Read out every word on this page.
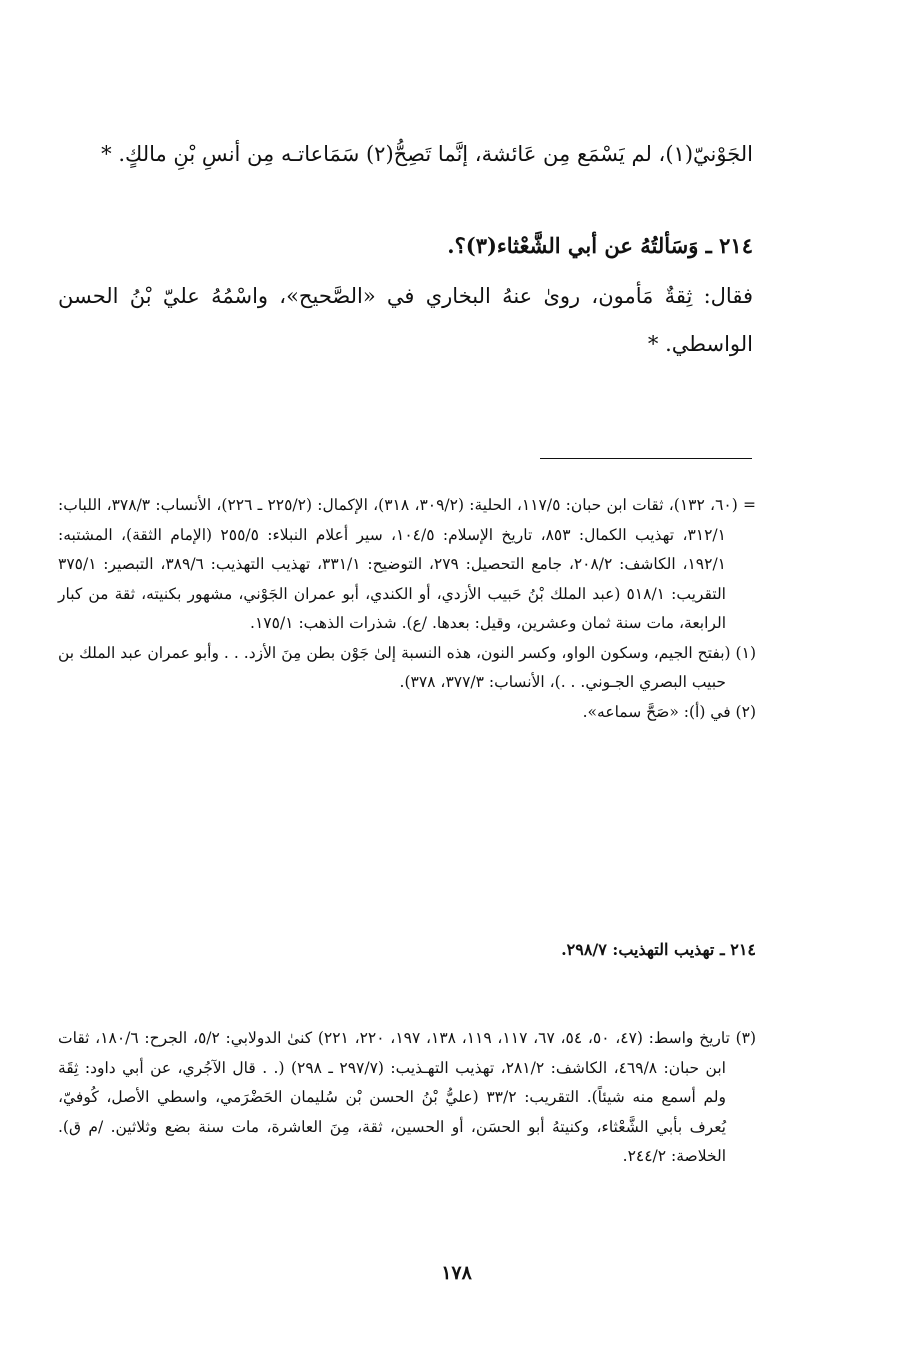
الجَوْنيّ(١)، لم يَسْمَع مِن عَائشة، إنَّما تَصِحُّ(٢) سَمَاعاتـه مِن أنسِ بْنِ مالكٍ. *

٢١٤ ـ وَسَألتُهُ عن أبي الشَّعْثاء(٣)؟.

فقال: ثِقةٌ مَأمون، روىٰ عنهُ البخاري في «الصَّحيح»، واسْمُهُ عليّ بْنُ الحسن الواسطي. *

= (٦٠، ١٣٢)، ثقات ابن حبان: ١١٧/٥، الحلية: (٣٠٩/٢، ٣١٨)، الإكمال: (٢٢٥/٢ ـ ٢٢٦)، الأنساب: ٣٧٨/٣، اللباب: ٣١٢/١، تهذيب الكمال: ٨٥٣، تاريخ الإسلام: ١٠٤/٥، سير أعلام النبلاء: ٢٥٥/٥ (الإمام الثقة)، المشتبه: ١٩٢/١، الكاشف: ٢٠٨/٢، جامع التحصيل: ٢٧٩، التوضيح: ٣٣١/١، تهذيب التهذيب: ٣٨٩/٦، التبصير: ٣٧٥/١ التقريب: ٥١٨/١ (عبد الملك بْنُ حَبيب الأزدي، أو الكندي، أبو عمران الجَوْني، مشهور بكنيته، ثقة من كبار الرابعة، مات سنة ثمان وعشرين، وقيل: بعدها. /ع). شذرات الذهب: ١٧٥/١.

(١) (بفتح الجيم، وسكون الواو، وكسر النون، هذه النسبة إلىٰ جَوْن بطن مِنَ الأزد. . . وأبو عمران عبد الملك بن حبيب البصري الجـوني. . .)، الأنساب: ٣٧٧/٣، ٣٧٨).

(٢) في (أ): «صَحَّ سماعه».

٢١٤ ـ تهذيب التهذيب: ٢٩٨/٧.

(٣) تاريخ واسط: (٤٧، ٥٠، ٥٤، ٦٧، ١١٧، ١١٩، ١٣٨، ١٩٧، ٢٢٠، ٢٢١) كنىٰ الدولابي: ٥/٢، الجرح: ١٨٠/٦، ثقات ابن حبان: ٤٦٩/٨، الكاشف: ٢٨١/٢، تهذيب التهـذيب: (٢٩٧/٧ ـ ٢٩٨) (. . قال الآجُري، عن أبي داود: ثِقَة ولم أسمع منه شيئاً). التقريب: ٣٣/٢ (عليُّ بْنُ الحسن بْن سُليمان الحَضْرَمي، واسطي الأصل، كُوفيّ، يُعرف بأبي الشَّعْثاء، وكنيتهُ أبو الحسَن، أو الحسين، ثقة، مِنَ العاشرة، مات سنة بضع وثلاثين. /م ق). الخلاصة: ٢٤٤/٢.

١٧٨
